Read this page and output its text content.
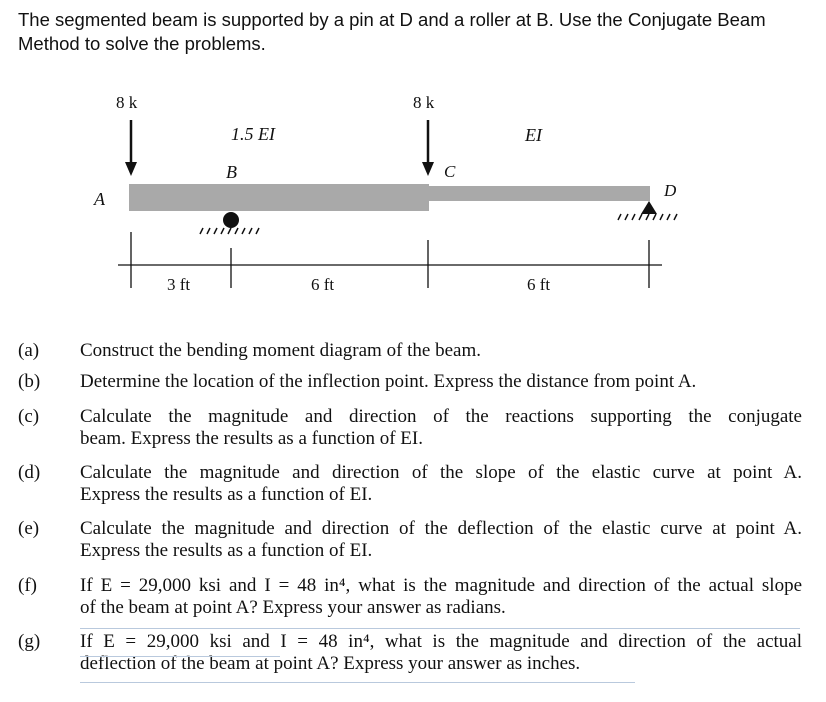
The segmented beam is supported by a pin at D and a roller at B. Use the Conjugate Beam
Method to solve the problems.
8 k	8 k
1.5 EI	EI
A
B	C
D
3 ft	6 ft	6 ft
(a) Construct the bending moment diagram of the beam.
(b) Determine the location of the inflection point. Express the distance from point A.
(c) Calculate the magnitude and direction of the reactions supporting the conjugate
beam. Express the results as a function of EI.
(d) Calculate the magnitude and direction of the slope of the elastic curve at point A.
Express the results as a function of EI.
(e) Calculate the magnitude and direction of the deflection of the elastic curve at point A.
Express the results as a function of EI.
(f) If E = 29,000 ksi and I = 48 in⁴, what is the magnitude and direction of the actual slope
of the beam at point A? Express your answer as radians.
(g) If E = 29,000 ksi and I = 48 in⁴, what is the magnitude and direction of the actual
deflection of the beam at point A? Express your answer as inches.
